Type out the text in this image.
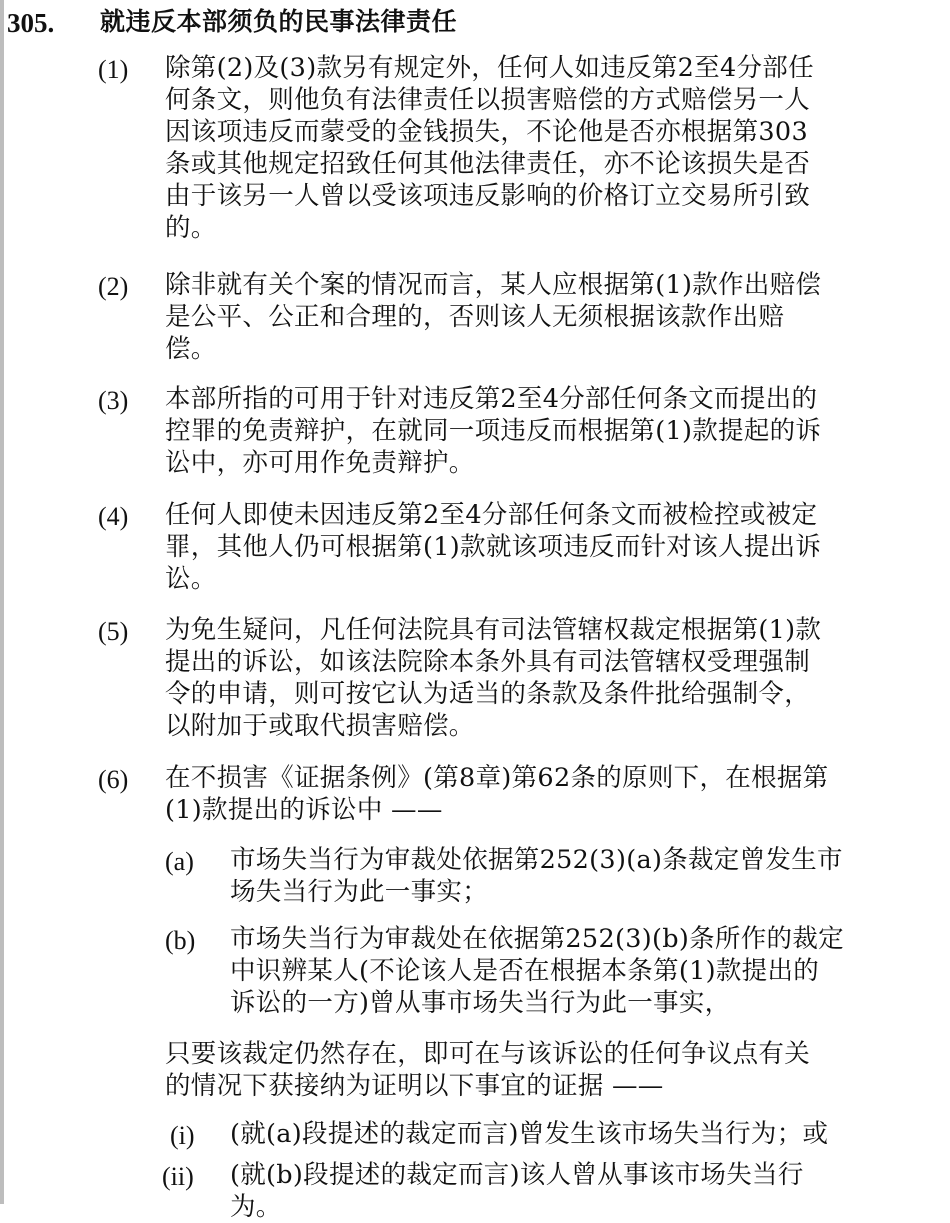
305. 就违反本部须负的民事法律责任
(1) 除第(2)及(3)款另有规定外，任何人如违反第2至4分部任
何条文，则他负有法律责任以损害赔偿的方式赔偿另一人
因该项违反而蒙受的金钱损失，不论他是否亦根据第303
条或其他规定招致任何其他法律责任，亦不论该损失是否
由于该另一人曾以受该项违反影响的价格订立交易所引致
的。
(2) 除非就有关个案的情况而言，某人应根据第(1)款作出赔偿
是公平、公正和合理的，否则该人无须根据该款作出赔
偿。
(3) 本部所指的可用于针对违反第2至4分部任何条文而提出的
控罪的免责辩护，在就同一项违反而根据第(1)款提起的诉
讼中，亦可用作免责辩护。
(4) 任何人即使未因违反第2至4分部任何条文而被检控或被定
罪，其他人仍可根据第(1)款就该项违反而针对该人提出诉
讼。
(5) 为免生疑问，凡任何法院具有司法管辖权裁定根据第(1)款
提出的诉讼，如该法院除本条外具有司法管辖权受理强制
令的申请，则可按它认为适当的条款及条件批给强制令，
以附加于或取代损害赔偿。
(6) 在不损害《证据条例》(第8章)第62条的原则下，在根据第
(1)款提出的诉讼中 ——
(a) 市场失当行为审裁处依据第252(3)(a)条裁定曾发生市
场失当行为此一事实；
(b) 市场失当行为审裁处在依据第252(3)(b)条所作的裁定
中识辨某人(不论该人是否在根据本条第(1)款提出的
诉讼的一方)曾从事市场失当行为此一事实，
只要该裁定仍然存在，即可在与该诉讼的任何争议点有关
的情况下获接纳为证明以下事宜的证据 ——
(i) (就(a)段提述的裁定而言)曾发生该市场失当行为；或
(ii) (就(b)段提述的裁定而言)该人曾从事该市场失当行
为。
